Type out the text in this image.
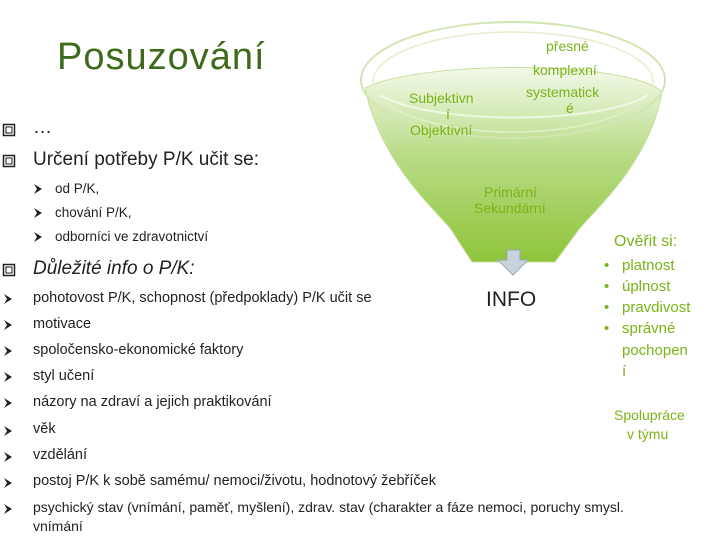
Posuzování	přesné
komplexní
systematick
é
Subjektivn
í
Objektivní
Primární
Sekundární
INFO
…
Určení potřeby P/K učit se:
od P/K,
chování P/K,
odborníci ve zdravotnictví
Důležité info o P/K:
pohotovost P/K, schopnost (předpoklady) P/K učit se
motivace
spoločensko-ekonomické faktory
styl učení
názory na zdraví a jejich praktikování
věk
vzdělání
postoj P/K k sobě samému/ nemoci/životu, hodnotový žebříček
psychický stav (vnímání, paměť, myšlení), zdrav. stav (charakter a fáze nemoci, poruchy smysl.
vnímání
Ověřit si:
• platnost
• úplnost
• pravdivost
• správné
pochopen
í
Spolupráce
v týmu
